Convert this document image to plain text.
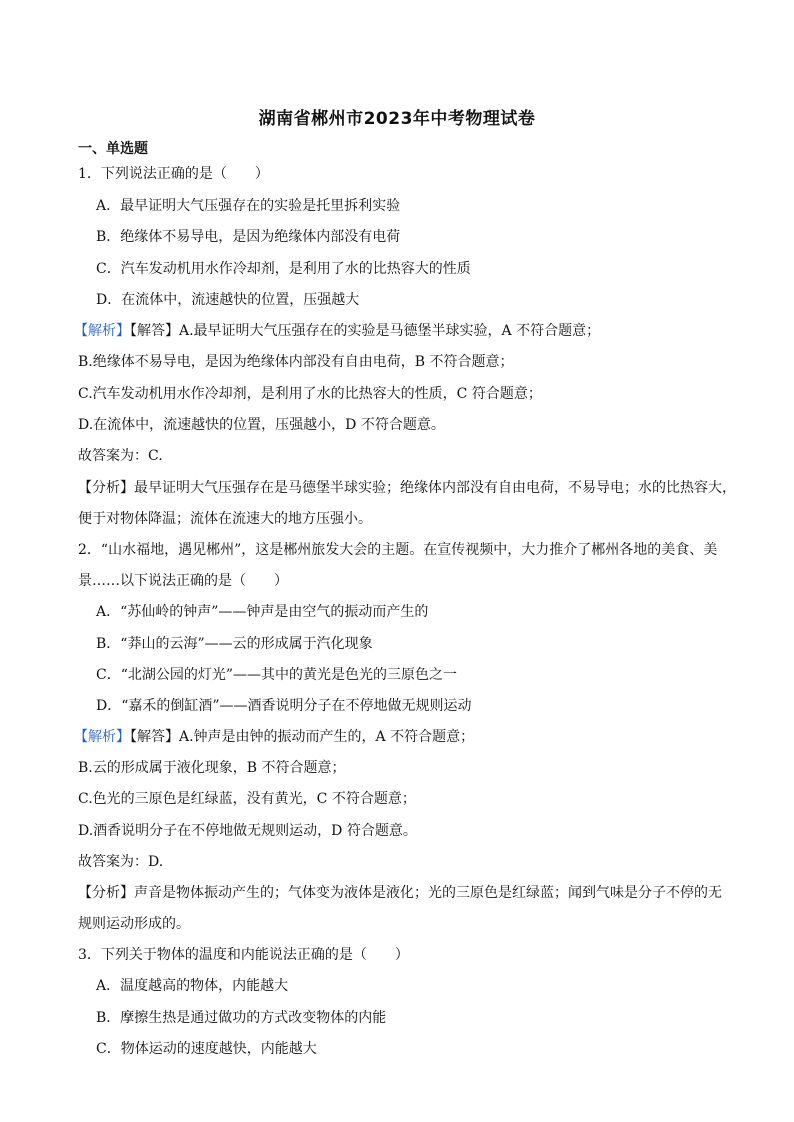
湖南省郴州市2023年中考物理试卷
一、单选题
1．下列说法正确的是（　　）
A．最早证明大气压强存在的实验是托里拆利实验
B．绝缘体不易导电，是因为绝缘体内部没有电荷
C．汽车发动机用水作冷却剂，是利用了水的比热容大的性质
D．在流体中，流速越快的位置，压强越大
【解析】【解答】A.最早证明大气压强存在的实验是马德堡半球实验，A 不符合题意；
B.绝缘体不易导电，是因为绝缘体内部没有自由电荷，B 不符合题意；
C.汽车发动机用水作冷却剂，是利用了水的比热容大的性质，C 符合题意；
D.在流体中，流速越快的位置，压强越小，D 不符合题意。
故答案为：C.
【分析】最早证明大气压强存在是马德堡半球实验；绝缘体内部没有自由电荷，不易导电；水的比热容大，
便于对物体降温；流体在流速大的地方压强小。
2．“山水福地，遇见郴州”，这是郴州旅发大会的主题。在宣传视频中，大力推介了郴州各地的美食、美
景……以下说法正确的是（　　）
A．“苏仙岭的钟声”——钟声是由空气的振动而产生的
B．“莽山的云海”——云的形成属于汽化现象
C．“北湖公园的灯光”——其中的黄光是色光的三原色之一
D．“嘉禾的倒缸酒”——酒香说明分子在不停地做无规则运动
【解析】【解答】A.钟声是由钟的振动而产生的，A 不符合题意；
B.云的形成属于液化现象，B 不符合题意；
C.色光的三原色是红绿蓝，没有黄光，C 不符合题意；
D.酒香说明分子在不停地做无规则运动，D 符合题意。
故答案为：D.
【分析】声音是物体振动产生的；气体变为液体是液化；光的三原色是红绿蓝；闻到气味是分子不停的无
规则运动形成的。
3．下列关于物体的温度和内能说法正确的是（　　）
A．温度越高的物体，内能越大
B．摩擦生热是通过做功的方式改变物体的内能
C．物体运动的速度越快，内能越大
